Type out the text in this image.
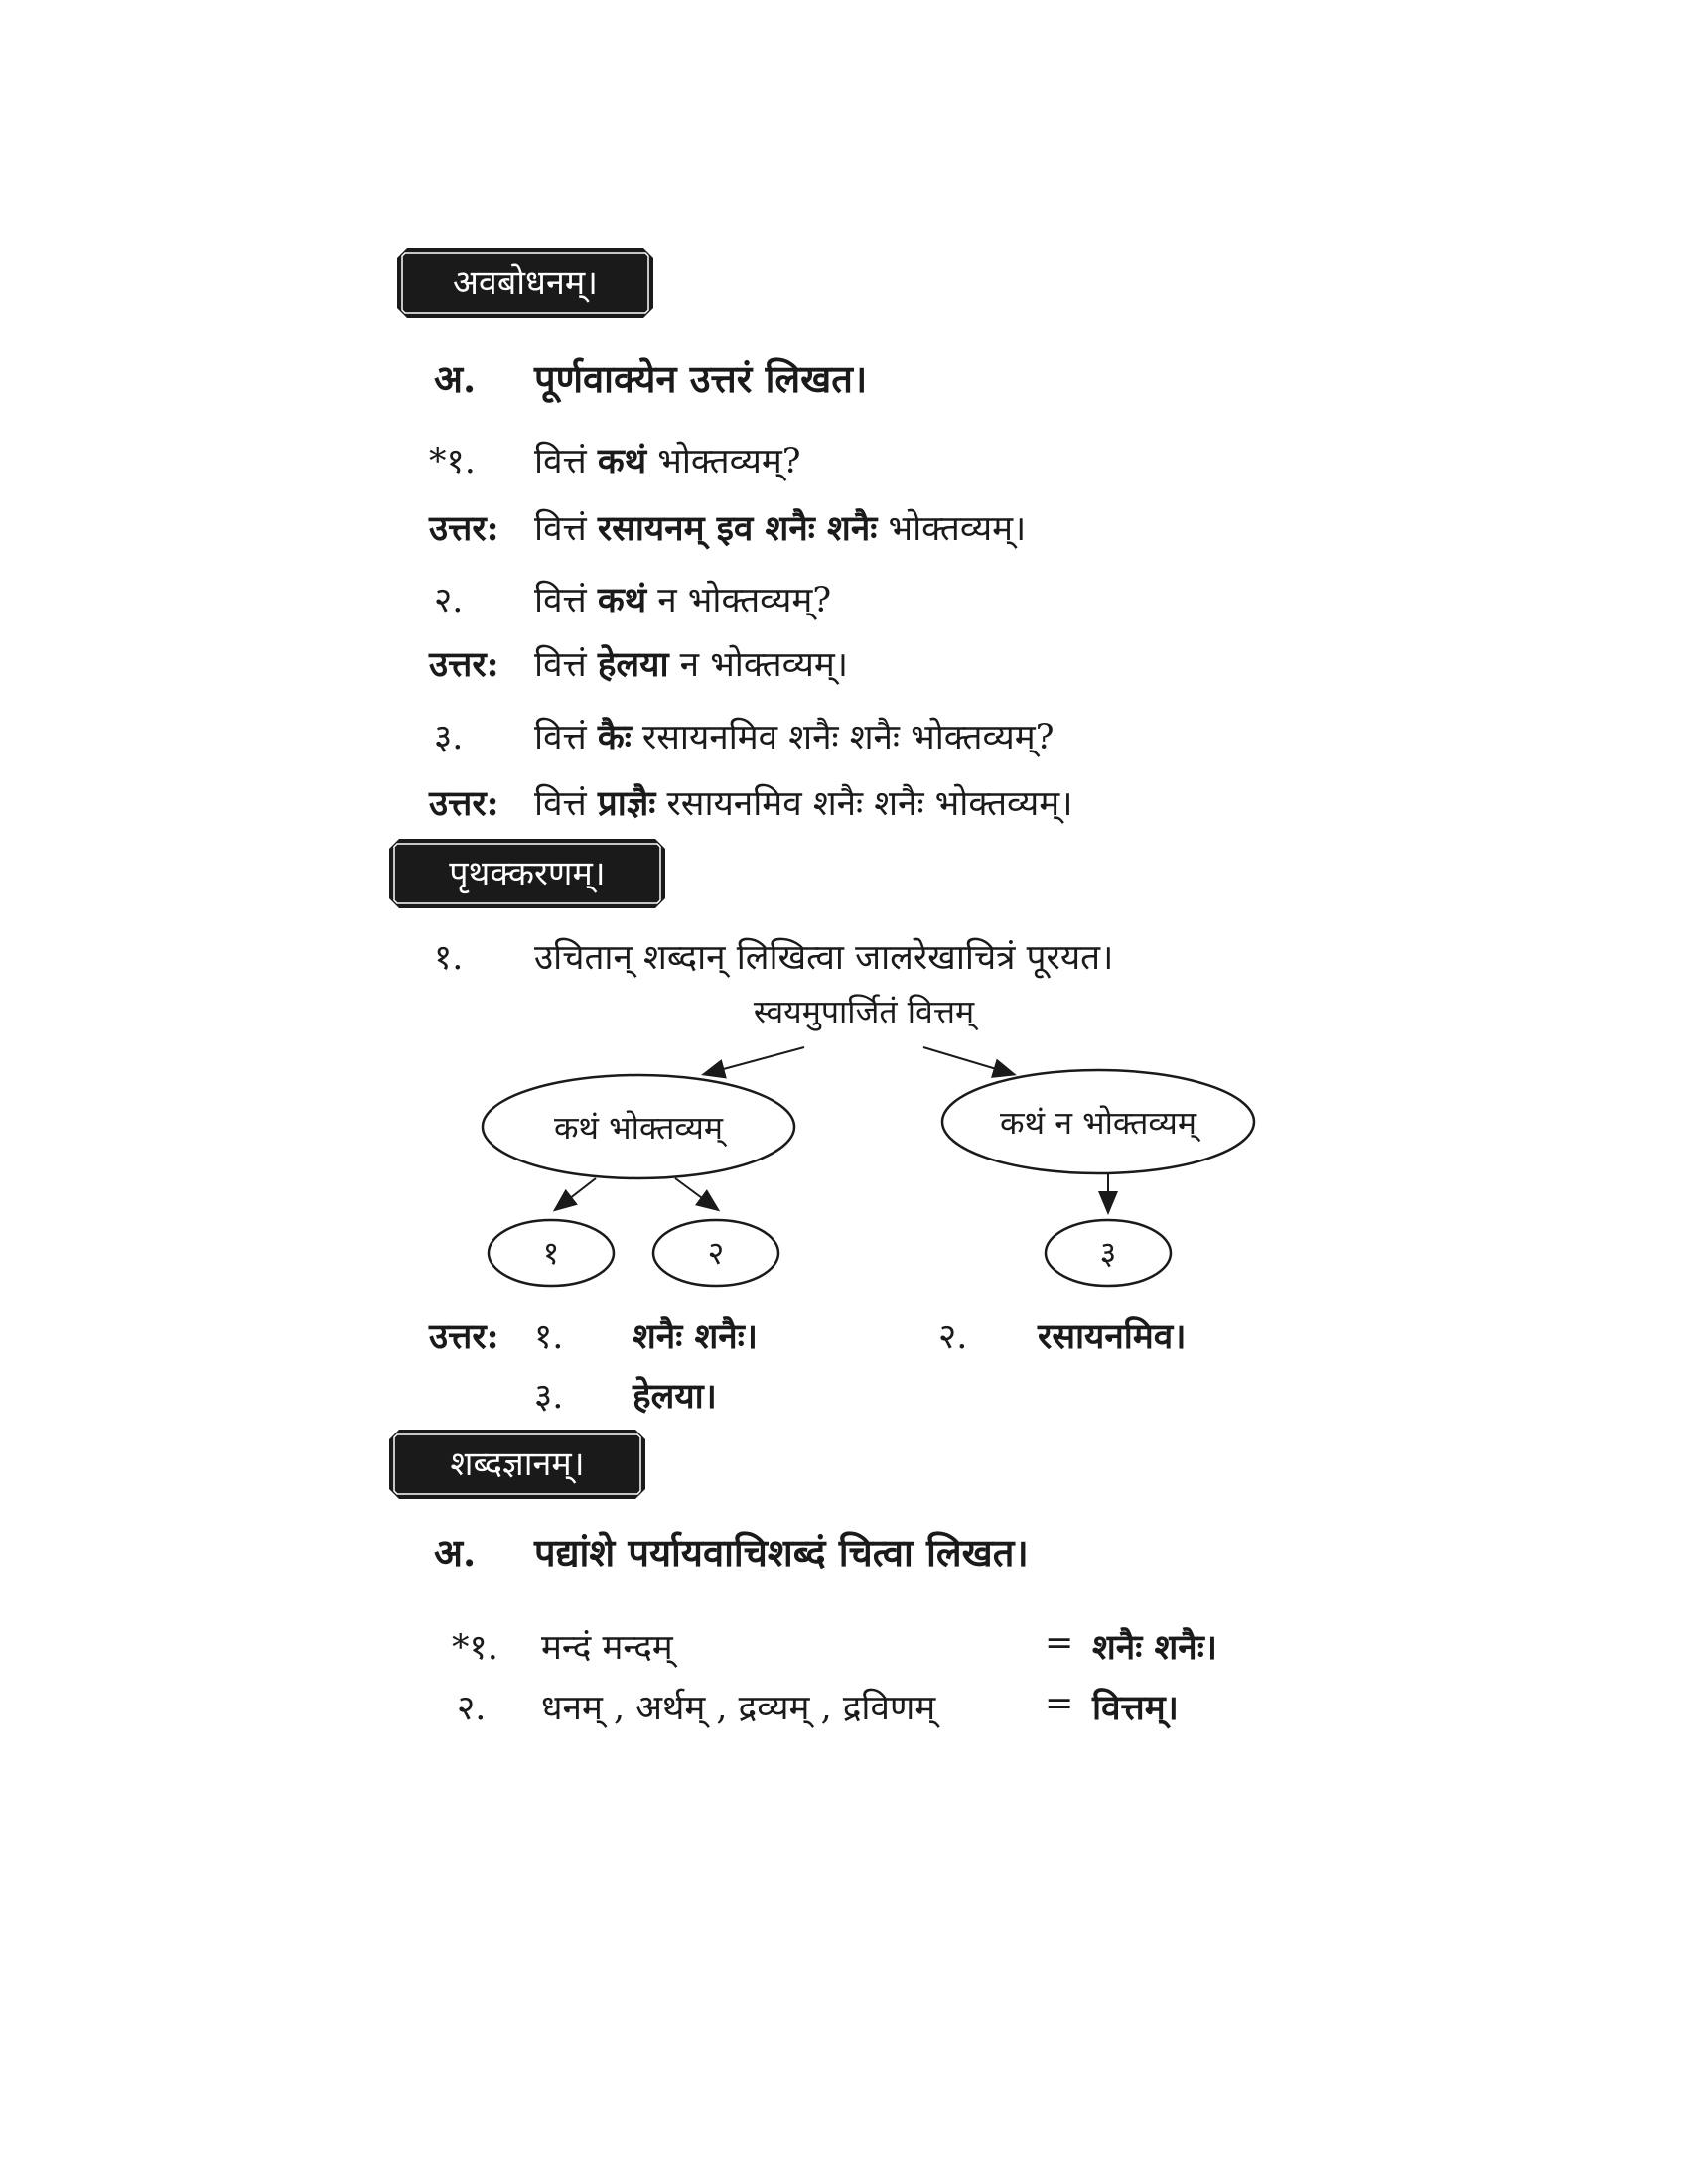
अवबोधनम्।
अ. पूर्णवाक्येन उत्तरं लिखत।
*१. वित्तं कथं भोक्तव्यम्?
उत्तर: वित्तं रसायनम् इव शनैः शनैः भोक्तव्यम्।
२. वित्तं कथं न भोक्तव्यम्?
उत्तर: वित्तं हेलया न भोक्तव्यम्।
३. वित्तं कैः रसायनमिव शनैः शनैः भोक्तव्यम्?
उत्तर: वित्तं प्राज्ञैः रसायनमिव शनैः शनैः भोक्तव्यम्।
पृथक्करणम्।
१. उचितान् शब्दान् लिखित्वा जालरेखाचित्रं पूरयत।
स्वयमुपार्जितं वित्तम्
कथं भोक्तव्यम्	कथं न भोक्तव्यम्
१	२	३
उत्तर: १. शनैः शनैः।	२. रसायनमिव।
३. हेलया।
शब्दज्ञानम्।
अ. पद्यांशे पर्यायवाचिशब्दं चित्वा लिखत।
*१. मन्दं मन्दम्	= शनैः शनैः।
२. धनम् , अर्थम् , द्रव्यम् , द्रविणम्	= वित्तम्।
